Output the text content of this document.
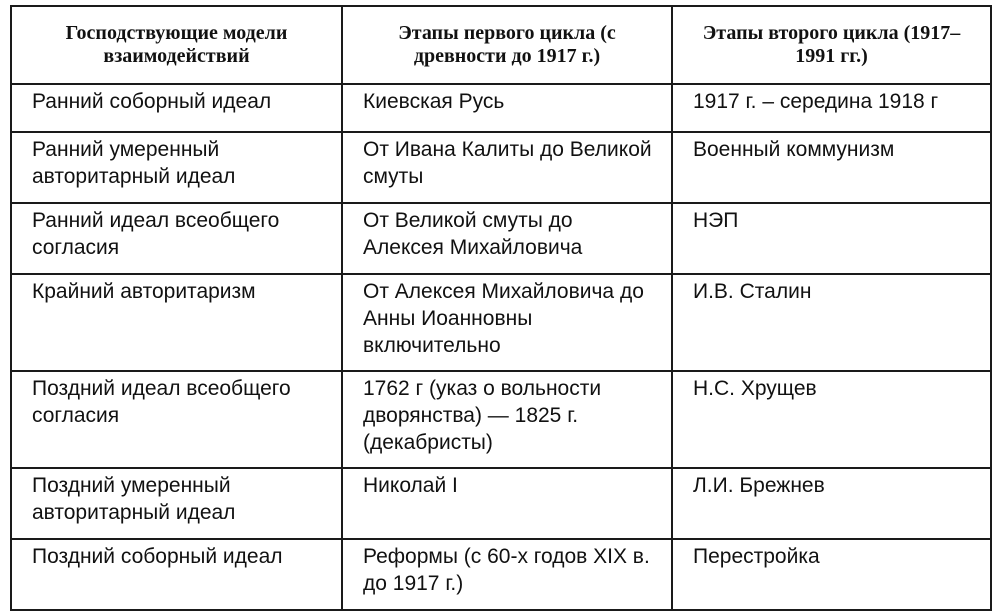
Господствующие модели взаимодействий	Этапы первого цикла (с древности до 1917 г.)	Этапы второго цикла (1917–1991 гг.)

Ранний соборный идеал	Киевская Русь	1917 г. – середина 1918 г

Ранний умеренный авторитарный идеал	От Ивана Калиты до Великой смуты	Военный коммунизм

Ранний идеал всеобщего согласия	От Великой смуты до Алексея Михайловича	НЭП

Крайний авторитаризм	От Алексея Михайловича до Анны Иоанновны включительно	И.В. Сталин

Поздний идеал всеобщего согласия	1762 г (указ о вольности дворянства) — 1825 г. (декабристы)	Н.С. Хрущев

Поздний умеренный авторитарный идеал	Николай I	Л.И. Брежнев

Поздний соборный идеал	Реформы (с 60-х годов XIX в. до 1917 г.)	Перестройка
